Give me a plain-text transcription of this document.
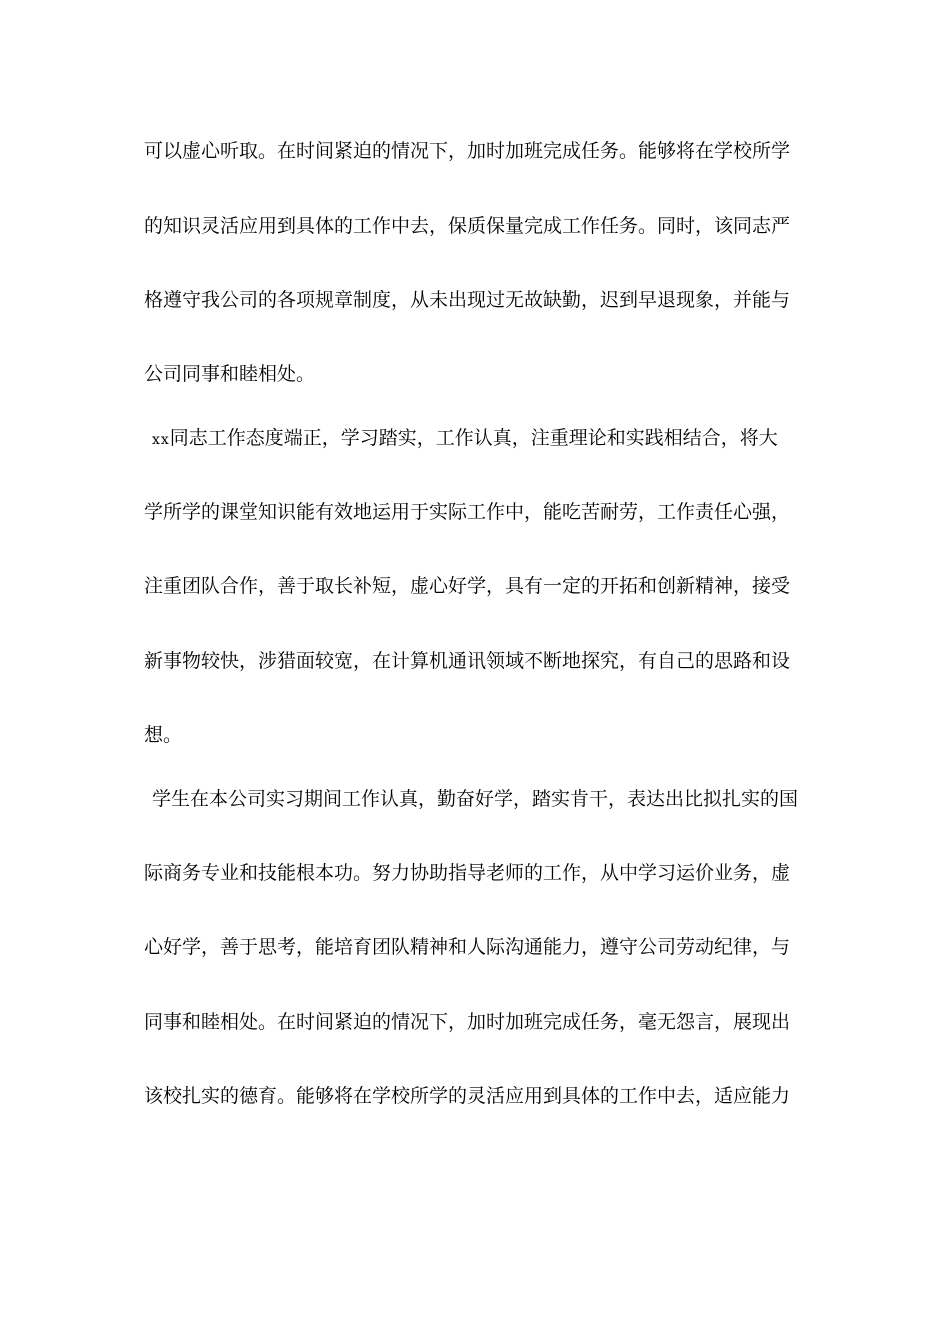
可以虚心听取。在时间紧迫的情况下，加时加班完成任务。能够将在学校所学
的知识灵活应用到具体的工作中去，保质保量完成工作任务。同时，该同志严
格遵守我公司的各项规章制度，从未出现过无故缺勤，迟到早退现象，并能与
公司同事和睦相处。
xx同志工作态度端正，学习踏实，工作认真，注重理论和实践相结合，将大
学所学的课堂知识能有效地运用于实际工作中，能吃苦耐劳，工作责任心强，
注重团队合作，善于取长补短，虚心好学，具有一定的开拓和创新精神，接受
新事物较快，涉猎面较宽，在计算机通讯领域不断地探究，有自己的思路和设
想。
学生在本公司实习期间工作认真，勤奋好学，踏实肯干，表达出比拟扎实的国
际商务专业和技能根本功。努力协助指导老师的工作，从中学习运价业务，虚
心好学，善于思考，能培育团队精神和人际沟通能力，遵守公司劳动纪律，与
同事和睦相处。在时间紧迫的情况下，加时加班完成任务，毫无怨言，展现出
该校扎实的德育。能够将在学校所学的灵活应用到具体的工作中去，适应能力
